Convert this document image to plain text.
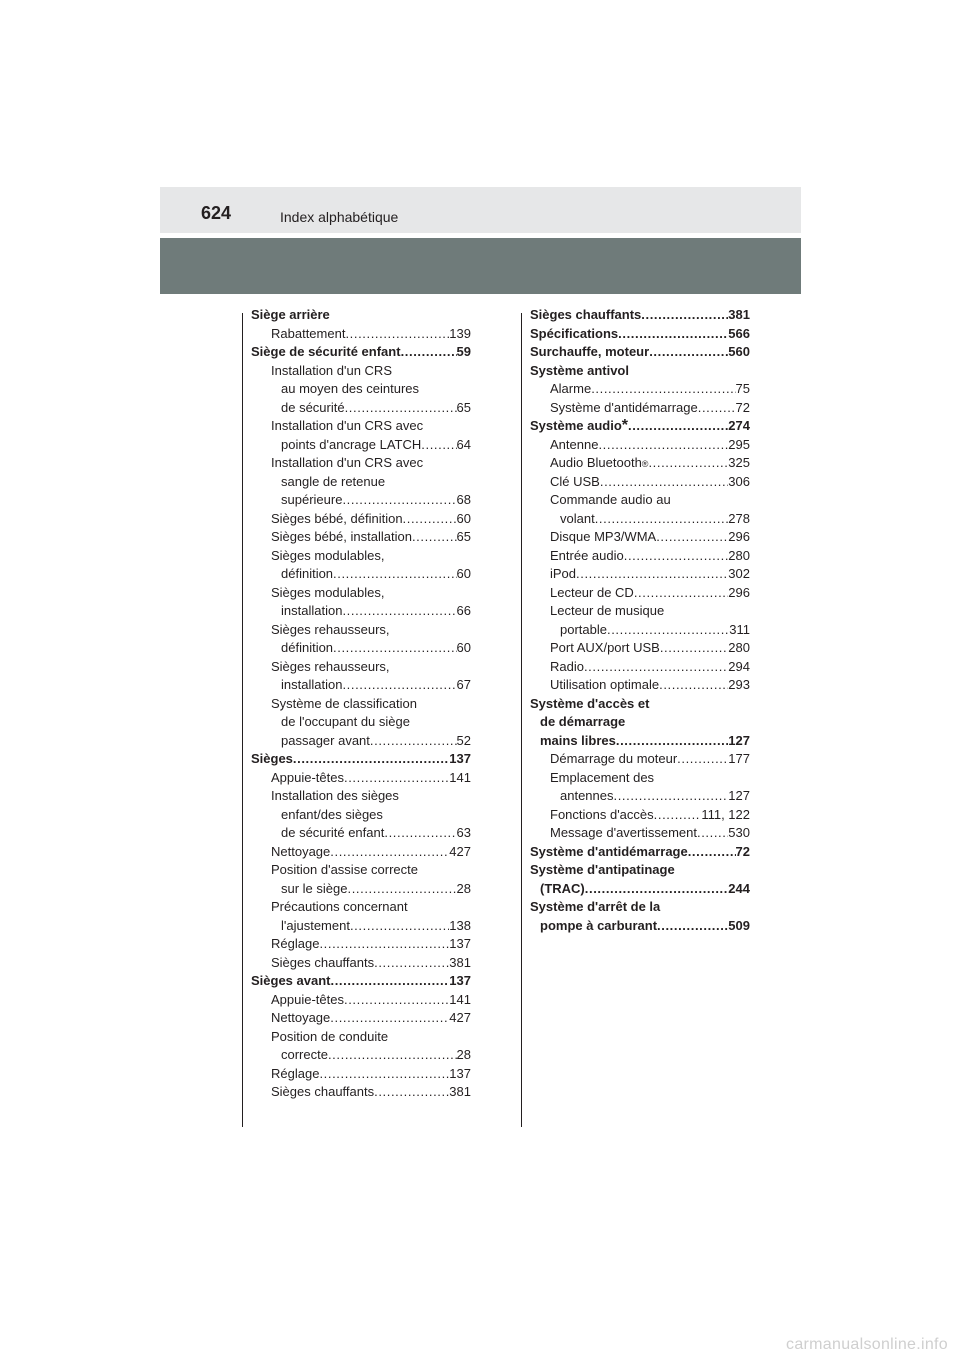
624	Index alphabétique
Siège arrière
Rabattement .....	139
Siège de sécurité enfant .....	59
Installation d'un CRS
au moyen des ceintures
de sécurité .....	65
Installation d'un CRS avec
points d'ancrage LATCH .....	64
Installation d'un CRS avec
sangle de retenue
supérieure .....	68
Sièges bébé, définition .....	60
Sièges bébé, installation .....	65
Sièges modulables,
définition .....	60
Sièges modulables,
installation .....	66
Sièges rehausseurs,
définition .....	60
Sièges rehausseurs,
installation .....	67
Système de classification
de l'occupant du siège
passager avant .....	52
Sièges .....	137
Appuie-têtes .....	141
Installation des sièges
enfant/des sièges
de sécurité enfant .....	63
Nettoyage .....	427
Position d'assise correcte
sur le siège .....	28
Précautions concernant
l'ajustement .....	138
Réglage .....	137
Sièges chauffants .....	381
Sièges avant .....	137
Appuie-têtes .....	141
Nettoyage .....	427
Position de conduite
correcte .....	28
Réglage .....	137
Sièges chauffants .....	381
Sièges chauffants .....	381
Spécifications .....	566
Surchauffe, moteur .....	560
Système antivol
Alarme .....	75
Système d'antidémarrage .....	72
Système audio * .....	274
Antenne .....	295
Audio Bluetooth ® .....	325
Clé USB .....	306
Commande audio au
volant .....	278
Disque MP3/WMA .....	296
Entrée audio .....	280
iPod .....	302
Lecteur de CD .....	296
Lecteur de musique
portable .....	311
Port AUX/port USB .....	280
Radio .....	294
Utilisation optimale .....	293
Système d'accès et
de démarrage
mains libres .....	127
Démarrage du moteur .....	177
Emplacement des
antennes .....	127
Fonctions d'accès .....	111, 122
Message d'avertissement ..... 530
Système d'antidémarrage .....	72
Système d'antipatinage
(TRAC) .....	244
Système d'arrêt de la
pompe à carburant .....	509
carmanualsonline.info
